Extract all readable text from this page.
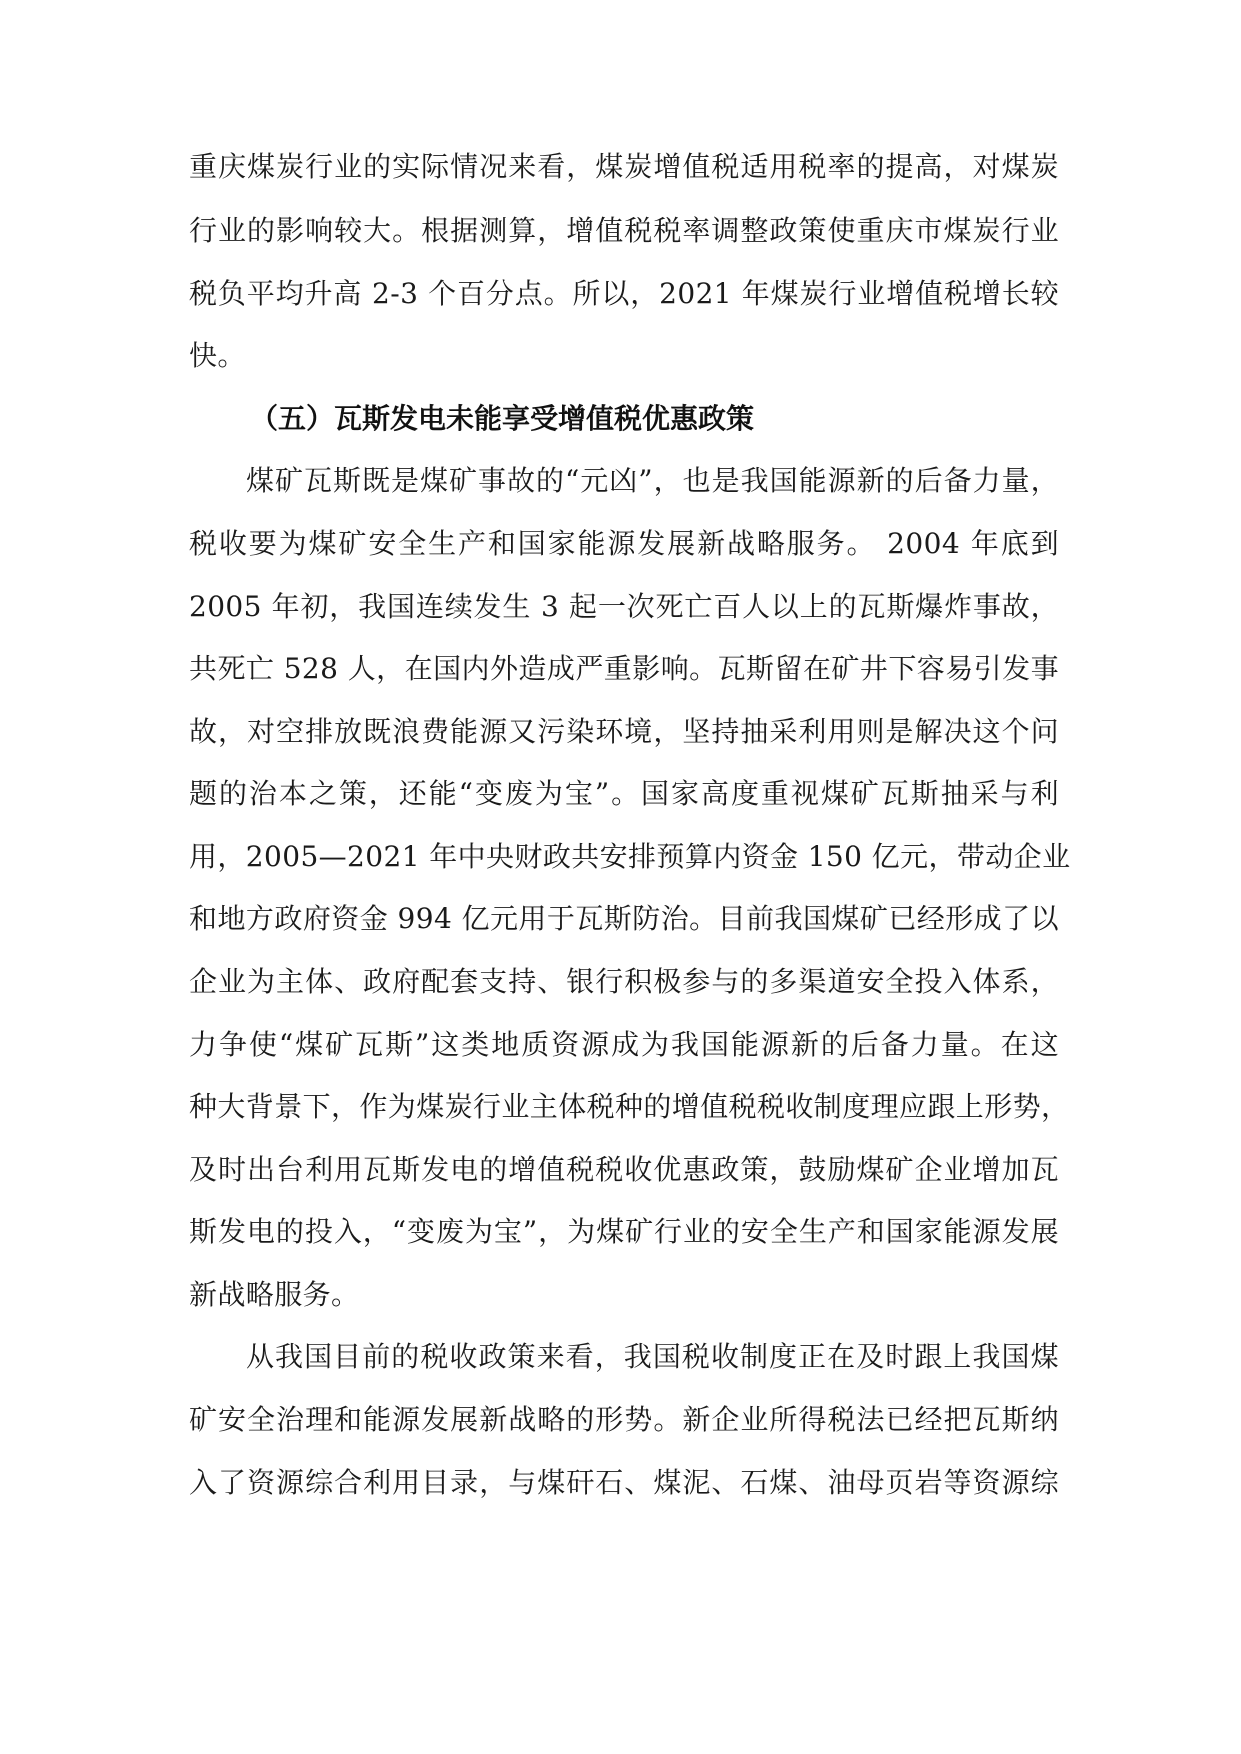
重庆煤炭行业的实际情况来看，煤炭增值税适用税率的提高，对煤炭
行业的影响较大。根据测算，增值税税率调整政策使重庆市煤炭行业
税负平均升高 2-3 个百分点。所以，2021 年煤炭行业增值税增长较
快。
（五）瓦斯发电未能享受增值税优惠政策
煤矿瓦斯既是煤矿事故的“元凶”，也是我国能源新的后备力量，
税收要为煤矿安全生产和国家能源发展新战略服务。 2004 年底到
2005 年初，我国连续发生 3 起一次死亡百人以上的瓦斯爆炸事故，
共死亡 528 人，在国内外造成严重影响。瓦斯留在矿井下容易引发事
故，对空排放既浪费能源又污染环境，坚持抽采利用则是解决这个问
题的治本之策，还能“变废为宝”。国家高度重视煤矿瓦斯抽采与利
用，2005—2021 年中央财政共安排预算内资金 150 亿元，带动企业
和地方政府资金 994 亿元用于瓦斯防治。目前我国煤矿已经形成了以
企业为主体、政府配套支持、银行积极参与的多渠道安全投入体系，
力争使“煤矿瓦斯”这类地质资源成为我国能源新的后备力量。在这
种大背景下，作为煤炭行业主体税种的增值税税收制度理应跟上形势，
及时出台利用瓦斯发电的增值税税收优惠政策，鼓励煤矿企业增加瓦
斯发电的投入，“变废为宝”，为煤矿行业的安全生产和国家能源发展
新战略服务。
从我国目前的税收政策来看，我国税收制度正在及时跟上我国煤
矿安全治理和能源发展新战略的形势。新企业所得税法已经把瓦斯纳
入了资源综合利用目录，与煤矸石、煤泥、石煤、油母页岩等资源综
